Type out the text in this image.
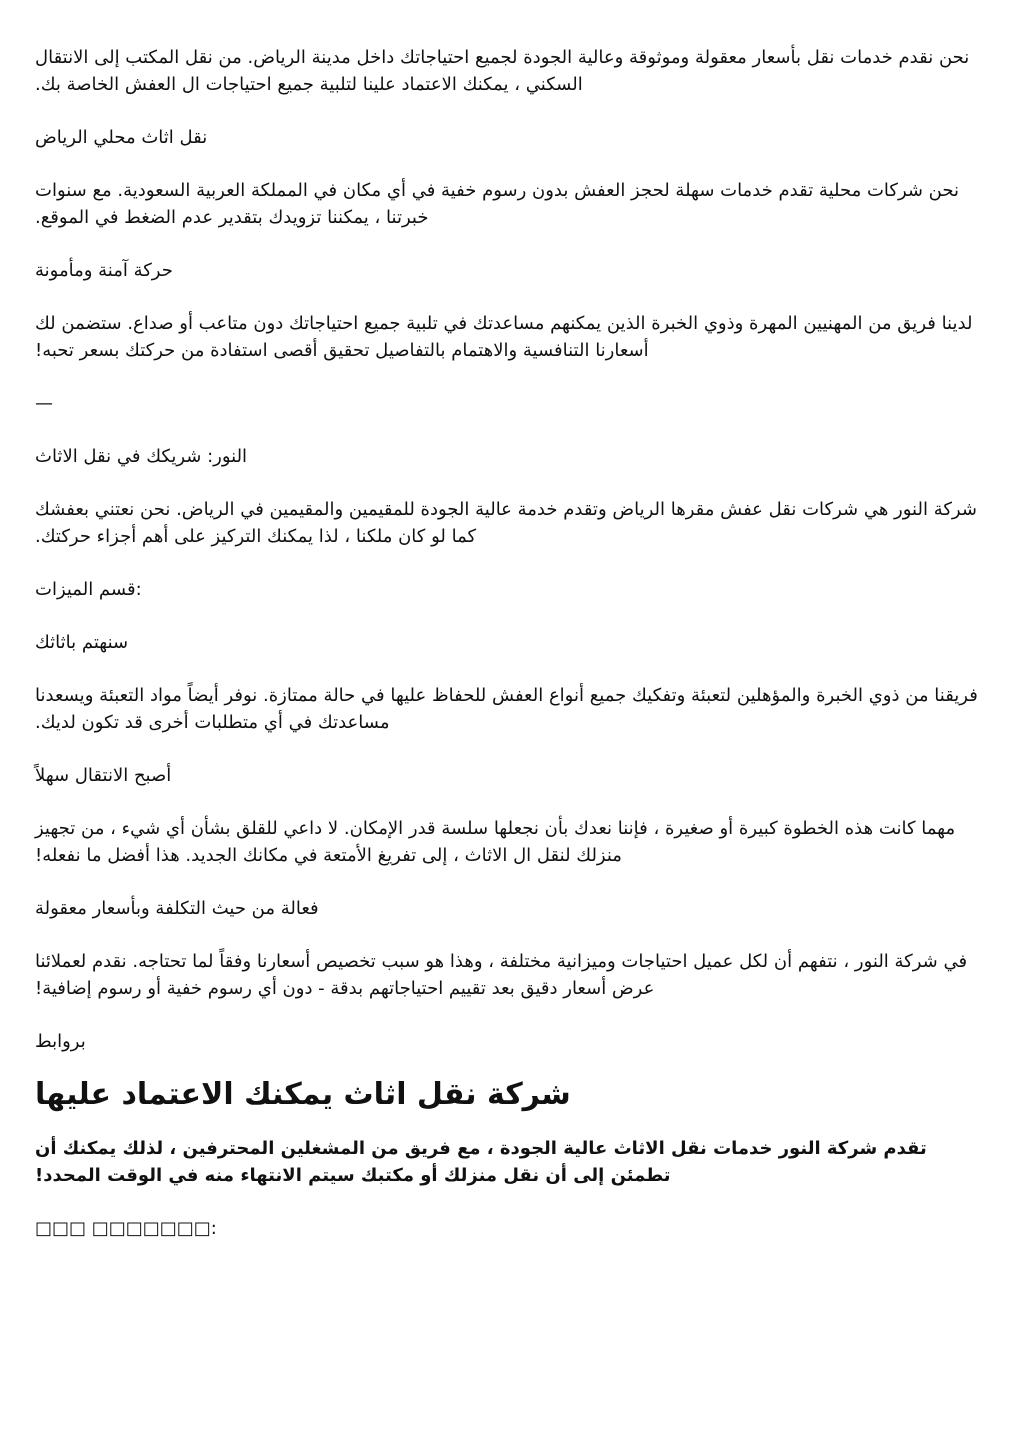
نحن نقدم خدمات نقل بأسعار معقولة وموثوقة وعالية الجودة لجميع احتياجاتك داخل مدينة الرياض. من نقل المكتب إلى الانتقال السكني ، يمكنك الاعتماد علينا لتلبية جميع احتياجات ال العفش الخاصة بك.

نقل اثاث محلي الرياض

نحن شركات محلية تقدم خدمات سهلة لحجز العفش بدون رسوم خفية في أي مكان في المملكة العربية السعودية. مع سنوات خبرتنا ، يمكننا تزويدك بتقدير عدم الضغط في الموقع.

حركة آمنة ومأمونة

لدينا فريق من المهنيين المهرة وذوي الخبرة الذين يمكنهم مساعدتك في تلبية جميع احتياجاتك دون متاعب أو صداع. ستضمن لك أسعارنا التنافسية والاهتمام بالتفاصيل تحقيق أقصى استفادة من حركتك بسعر تحبه!

—

النور: شريكك في نقل الاثاث

شركة النور هي شركات نقل عفش مقرها الرياض وتقدم خدمة عالية الجودة للمقيمين والمقيمين في الرياض. نحن نعتني بعفشك كما لو كان ملكنا ، لذا يمكنك التركيز على أهم أجزاء حركتك.

قسم الميزات:

سنهتم باثاثك

فريقنا من ذوي الخبرة والمؤهلين لتعبئة وتفكيك جميع أنواع العفش للحفاظ عليها في حالة ممتازة. نوفر أيضاً مواد التعبئة ويسعدنا مساعدتك في أي متطلبات أخرى قد تكون لديك.

أصبح الانتقال سهلاً

مهما كانت هذه الخطوة كبيرة أو صغيرة ، فإننا نعدك بأن نجعلها سلسة قدر الإمكان. لا داعي للقلق بشأن أي شيء ، من تجهيز منزلك لنقل ال الاثاث ، إلى تفريغ الأمتعة في مكانك الجديد. هذا أفضل ما نفعله!

فعالة من حيث التكلفة وبأسعار معقولة

في شركة النور ، نتفهم أن لكل عميل احتياجات وميزانية مختلفة ، وهذا هو سبب تخصيص أسعارنا وفقاً لما تحتاجه. نقدم لعملائنا عرض أسعار دقيق بعد تقييم احتياجاتهم بدقة - دون أي رسوم خفية أو رسوم إضافية!

بروابط

شركة نقل اثاث يمكنك الاعتماد عليها

تقدم شركة النور خدمات نقل الاثاث عالية الجودة ، مع فريق من المشغلين المحترفين ، لذلك يمكنك أن تطمئن إلى أن نقل منزلك أو مكتبك سيتم الانتهاء منه في الوقت المحدد!

□□□ □□□□□□□:
